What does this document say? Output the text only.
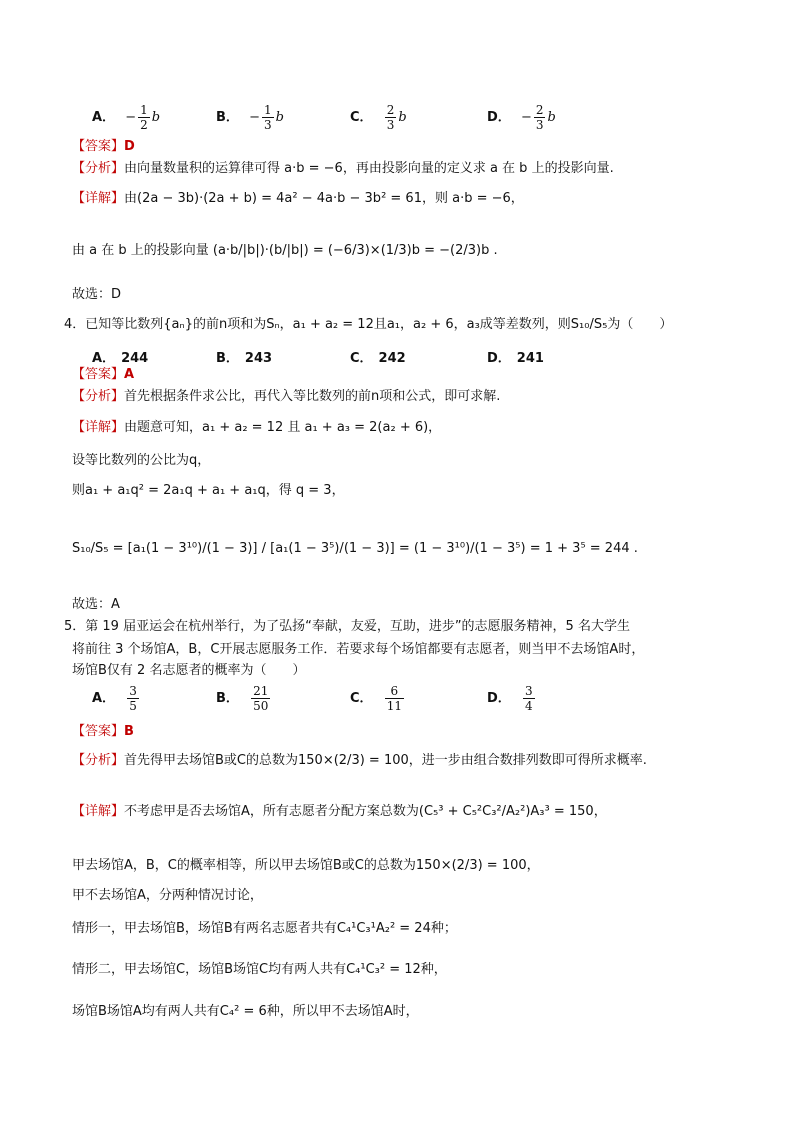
A． − $\frac{1}{2}$ b	B． − $\frac{1}{3}$ b	C． $\frac{2}{3}$ b	D． − $\frac{2}{3}$ b
【答案】D
【分析】由向量数量积的运算律可得 a·b = −6，再由投影向量的定义求 a 在 b 上的投影向量.
【详解】由(2a − 3b)·(2a + b) = 4a² − 4a·b − 3b² = 61，则 a·b = −6，
由 a 在 b 上的投影向量 (a·b/|b|)·(b/|b|) = (−6/3)×(1/3)b = −(2/3)b .
故选：D
4．已知等比数列{aₙ}的前n项和为Sₙ，a₁ + a₂ = 12且a₁，a₂ + 6，a₃成等差数列，则S₁₀/S₅为（　　）
A． 244	B． 243	C． 242	D． 241
【答案】A
【分析】首先根据条件求公比，再代入等比数列的前n项和公式，即可求解.
【详解】由题意可知，a₁ + a₂ = 12 且 a₁ + a₃ = 2(a₂ + 6)，
设等比数列的公比为q，
则a₁ + a₁q² = 2a₁q + a₁ + a₁q，得 q = 3，
S₁₀/S₅ = [a₁(1 − 3¹⁰)/(1 − 3)] / [a₁(1 − 3⁵)/(1 − 3)] = (1 − 3¹⁰)/(1 − 3⁵) = 1 + 3⁵ = 244 .
故选：A
5．第 19 届亚运会在杭州举行，为了弘扬“奉献，友爱，互助，进步”的志愿服务精神，5 名大学生
将前往 3 个场馆A，B，C开展志愿服务工作．若要求每个场馆都要有志愿者，则当甲不去场馆A时，
场馆B仅有 2 名志愿者的概率为（　　）
A． $\frac{3}{5}$	B． $\frac{21}{50}$	C． $\frac{6}{11}$	D． $\frac{3}{4}$
【答案】B
【分析】首先得甲去场馆B或C的总数为150×(2/3) = 100，进一步由组合数排列数即可得所求概率.
【详解】不考虑甲是否去场馆A，所有志愿者分配方案总数为(C₅³ + C₅²C₃²/A₂²)A₃³ = 150，
甲去场馆A，B，C的概率相等，所以甲去场馆B或C的总数为150×(2/3) = 100，
甲不去场馆A，分两种情况讨论，
情形一，甲去场馆B，场馆B有两名志愿者共有C₄¹C₃¹A₂² = 24种；
情形二，甲去场馆C，场馆B场馆C均有两人共有C₄¹C₃² = 12种，
场馆B场馆A均有两人共有C₄² = 6种，所以甲不去场馆A时，
